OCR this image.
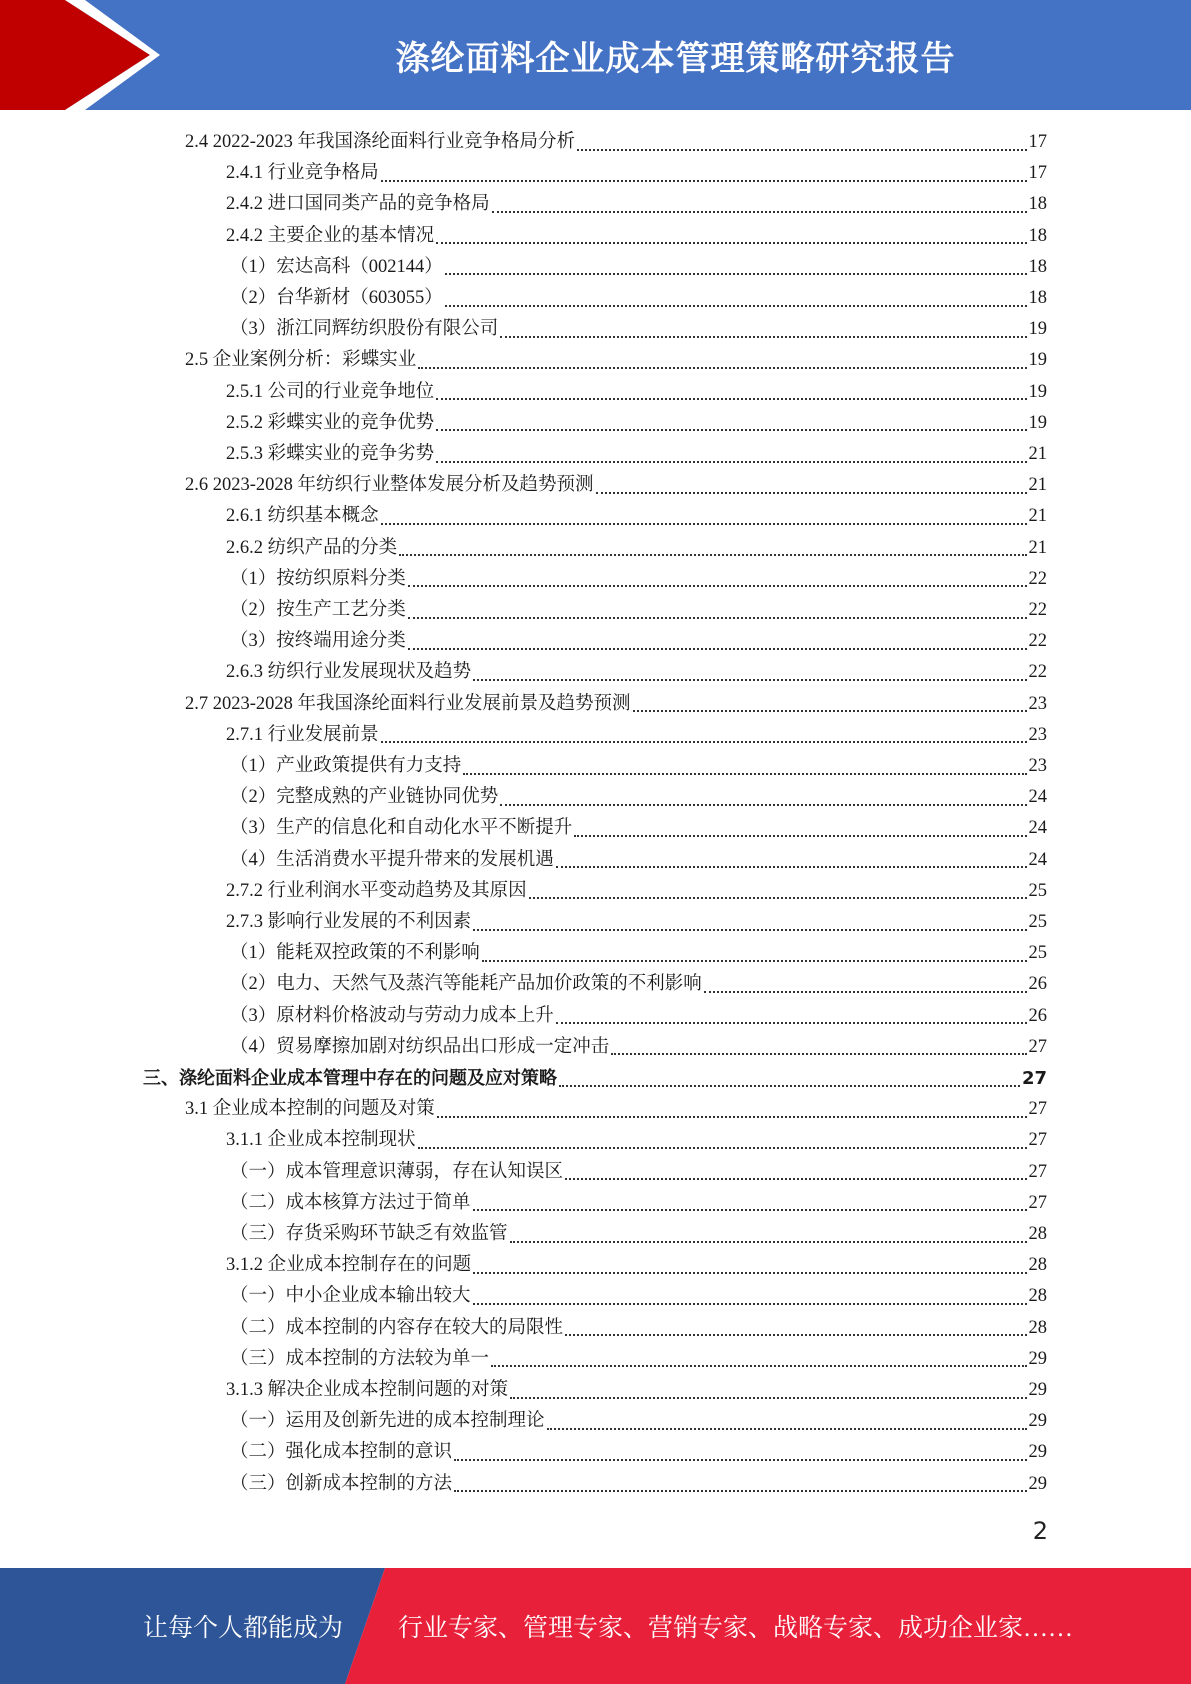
涤纶面料企业成本管理策略研究报告
2.4 2022-2023 年我国涤纶面料行业竞争格局分析	17
2.4.1 行业竞争格局	17
2.4.2 进口国同类产品的竞争格局	18
2.4.2 主要企业的基本情况	18
（1）宏达高科（002144）	18
（2）台华新材（603055）	18
（3）浙江同辉纺织股份有限公司	19
2.5 企业案例分析：彩蝶实业	19
2.5.1 公司的行业竞争地位	19
2.5.2 彩蝶实业的竞争优势	19
2.5.3 彩蝶实业的竞争劣势	21
2.6 2023-2028 年纺织行业整体发展分析及趋势预测	21
2.6.1 纺织基本概念	21
2.6.2 纺织产品的分类	21
（1）按纺织原料分类	22
（2）按生产工艺分类	22
（3）按终端用途分类	22
2.6.3 纺织行业发展现状及趋势	22
2.7 2023-2028 年我国涤纶面料行业发展前景及趋势预测	23
2.7.1 行业发展前景	23
（1）产业政策提供有力支持	23
（2）完整成熟的产业链协同优势	24
（3）生产的信息化和自动化水平不断提升	24
（4）生活消费水平提升带来的发展机遇	24
2.7.2 行业利润水平变动趋势及其原因	25
2.7.3 影响行业发展的不利因素	25
（1）能耗双控政策的不利影响	25
（2）电力、天然气及蒸汽等能耗产品加价政策的不利影响	26
（3）原材料价格波动与劳动力成本上升	26
（4）贸易摩擦加剧对纺织品出口形成一定冲击	27
三、涤纶面料企业成本管理中存在的问题及应对策略	27
3.1 企业成本控制的问题及对策	27
3.1.1 企业成本控制现状	27
（一）成本管理意识薄弱，存在认知误区	27
（二）成本核算方法过于简单	27
（三）存货采购环节缺乏有效监管	28
3.1.2 企业成本控制存在的问题	28
（一）中小企业成本输出较大	28
（二）成本控制的内容存在较大的局限性	28
（三）成本控制的方法较为单一	29
3.1.3 解决企业成本控制问题的对策	29
（一）运用及创新先进的成本控制理论	29
（二）强化成本控制的意识	29
（三）创新成本控制的方法	29
2
让每个人都能成为 行业专家、管理专家、营销专家、战略专家、成功企业家……
